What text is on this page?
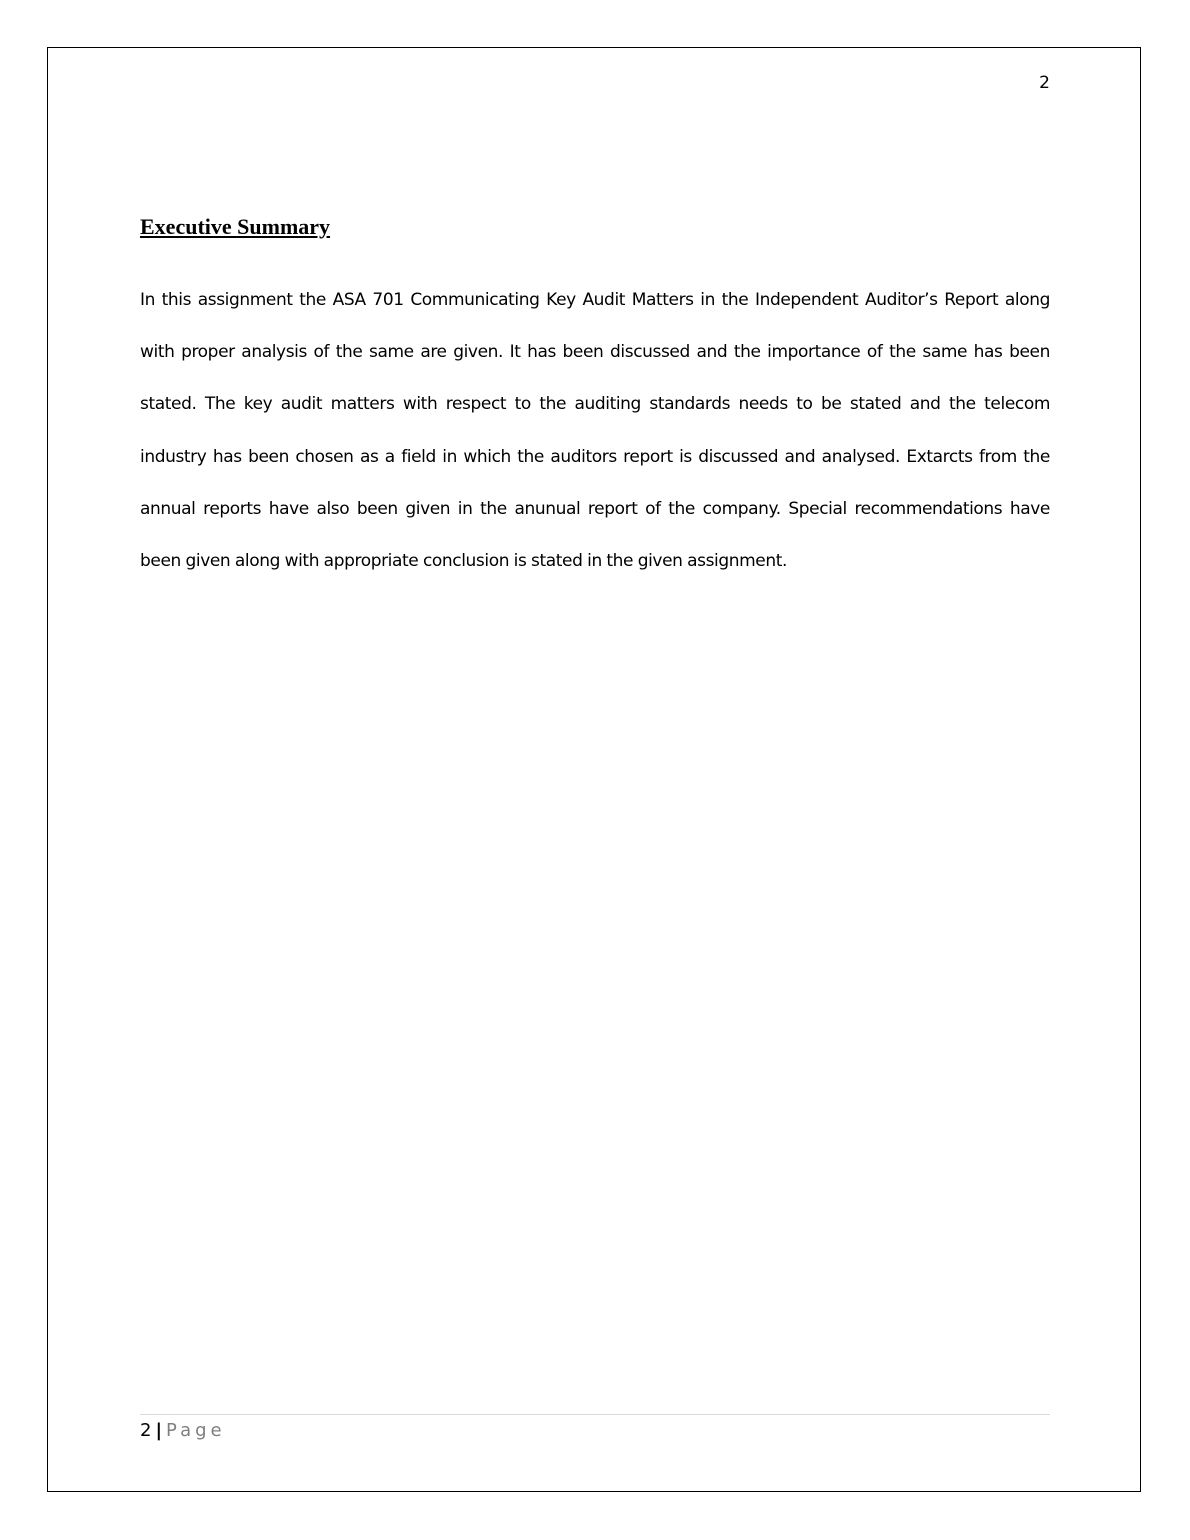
2
Executive Summary

In this assignment the ASA 701 Communicating Key Audit Matters in the Independent Auditor’s Report along with proper analysis of the same are given. It has been discussed and the importance of the same has been stated. The key audit matters with respect to the auditing standards needs to be stated and the telecom industry has been chosen as a field in which the auditors report is discussed and analysed. Extarcts from the annual reports have also been given in the anunual report of the company. Special recommendations have been given along with appropriate conclusion is stated in the given assignment.

2 | Page
